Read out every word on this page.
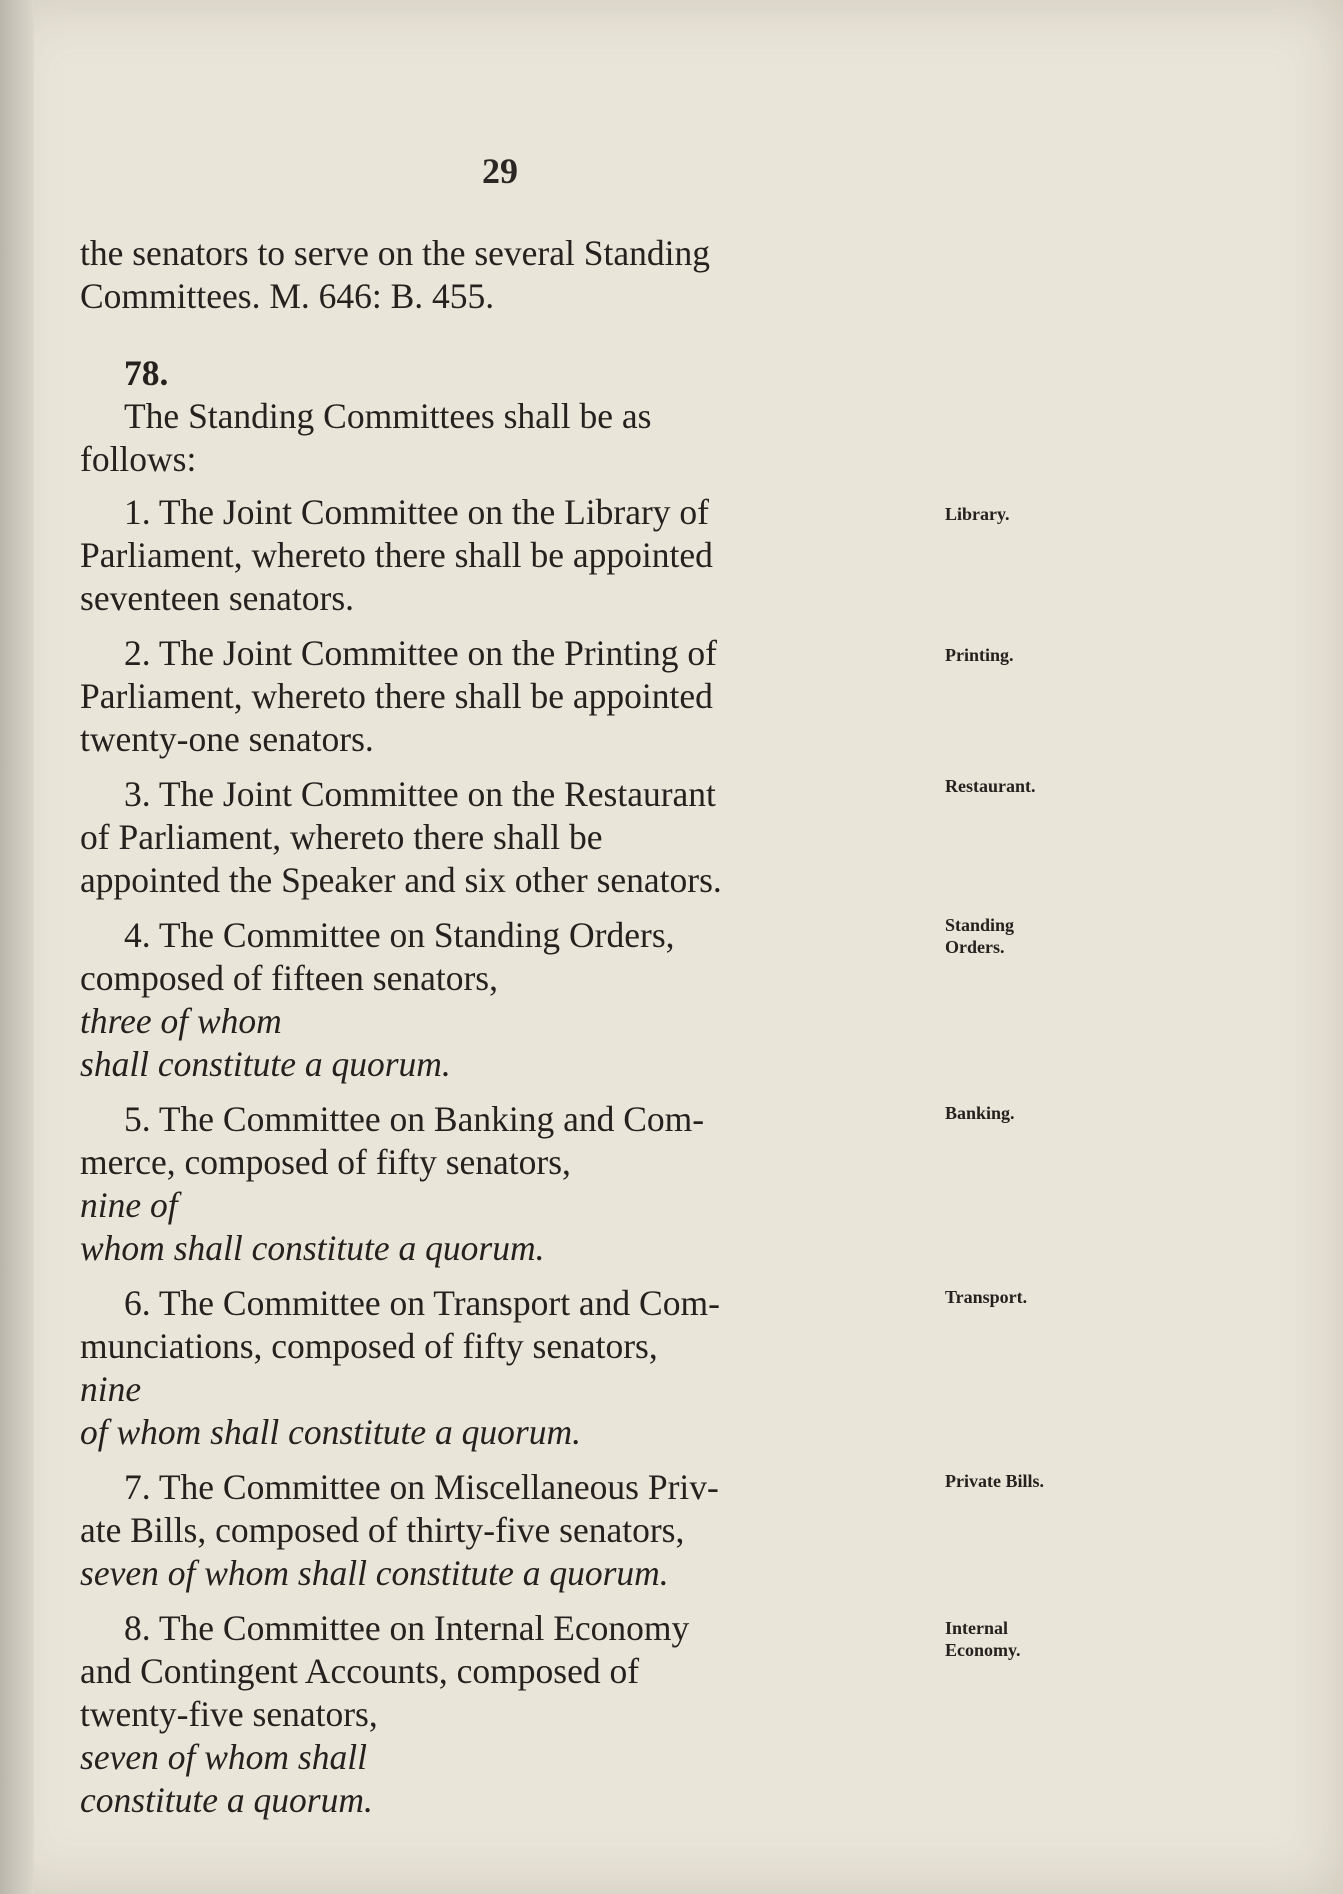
29

the senators to serve on the several Standing
Committees. M. 646: B. 455.

78.
The Standing Committees shall be as
follows:

Library.
1. The Joint Committee on the Library of
Parliament, whereto there shall be appointed
seventeen senators.

Printing.
2. The Joint Committee on the Printing of
Parliament, whereto there shall be appointed
twenty-one senators.

Restaurant.
3. The Joint Committee on the Restaurant
of Parliament, whereto there shall be
appointed the Speaker and six other senators.

Standing
Orders.
4. The Committee on Standing Orders,
composed of fifteen senators,
three of whom
shall constitute a quorum.

Banking.
5. The Committee on Banking and Com-
merce, composed of fifty senators,
nine of
whom shall constitute a quorum.

Transport.
6. The Committee on Transport and Com-
munciations, composed of fifty senators,
nine
of whom shall constitute a quorum.

Private Bills.
7. The Committee on Miscellaneous Priv-
ate Bills, composed of thirty-five senators,
seven of whom shall constitute a quorum.

Internal
Economy.
8. The Committee on Internal Economy
and Contingent Accounts, composed of
twenty-five senators,
seven of whom shall
constitute a quorum.
